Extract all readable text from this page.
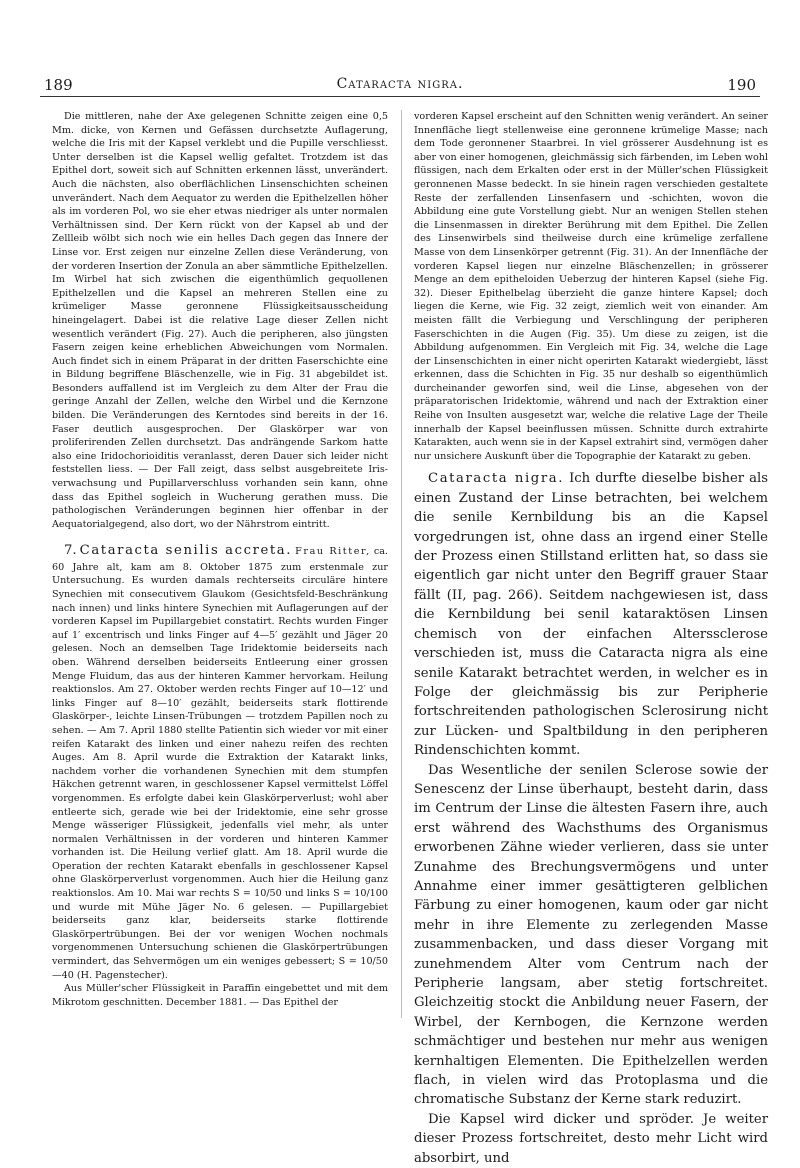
189	Cataracta nigra.	190

Die mittleren, nahe der Axe gelegenen Schnitte zeigen eine 0,5 Mm. dicke, von Kernen und Gefässen durchsetzte Auflagerung, welche die Iris mit der Kapsel verklebt und die Pupille verschliesst. Unter derselben ist die Kapsel wellig gefaltet. Trotzdem ist das Epithel dort, soweit sich auf Schnitten erkennen lässt, unverändert. Auch die nächsten, also oberflächlichen Linsenschichten scheinen unverändert. Nach dem Aequator zu werden die Epithelzellen höher als im vorderen Pol, wo sie eher etwas niedriger als unter normalen Verhältnissen sind. Der Kern rückt von der Kapsel ab und der Zellleib wölbt sich noch wie ein helles Dach gegen das Innere der Linse vor. Erst zeigen nur einzelne Zellen diese Veränderung, von der vorderen Insertion der Zonula an aber sämmtliche Epithelzellen. Im Wirbel hat sich zwischen die eigenthümlich gequollenen Epithelzellen und die Kapsel an mehreren Stellen eine zu krümeliger Masse geronnene Flüssigkeitsausscheidung hineingelagert. Dabei ist die relative Lage dieser Zellen nicht wesentlich verändert (Fig. 27). Auch die peripheren, also jüngsten Fasern zeigen keine erheblichen Abweichungen vom Normalen. Auch findet sich in einem Präparat in der dritten Faserschichte eine in Bildung begriffene Bläschenzelle, wie in Fig. 31 abgebildet ist. Besonders auffallend ist im Vergleich zu dem Alter der Frau die geringe Anzahl der Zellen, welche den Wirbel und die Kernzone bilden. Die Veränderungen des Kerntodes sind bereits in der 16. Faser deutlich ausgesprochen. Der Glaskörper war von proliferirenden Zellen durchsetzt. Das andrängende Sarkom hatte also eine Iridochorioiditis veranlasst, deren Dauer sich leider nicht feststellen liess. — Der Fall zeigt, dass selbst ausgebreitete Iris-verwachsung und Pupillarverschluss vorhanden sein kann, ohne dass das Epithel sogleich in Wucherung gerathen muss. Die pathologischen Veränderungen beginnen hier offenbar in der Aequatorialgegend, also dort, wo der Nährstrom eintritt.

7. Cataracta senilis accreta. Frau Ritter, ca. 60 Jahre alt, kam am 8. Oktober 1875 zum erstenmale zur Untersuchung. Es wurden damals rechterseits circuläre hintere Synechien mit consecutivem Glaukom (Gesichtsfeld-Beschränkung nach innen) und links hintere Synechien mit Auflagerungen auf der vorderen Kapsel im Pupillargebiet constatirt. Rechts wurden Finger auf 1′ excentrisch und links Finger auf 4—5′ gezählt und Jäger 20 gelesen. Noch an demselben Tage Iridektomie beiderseits nach oben. Während derselben beiderseits Entleerung einer grossen Menge Fluidum, das aus der hinteren Kammer hervorkam. Heilung reaktionslos. Am 27. Oktober werden rechts Finger auf 10—12′ und links Finger auf 8—10′ gezählt, beiderseits stark flottirende Glaskörper-, leichte Linsen-Trübungen — trotzdem Papillen noch zu sehen. — Am 7. April 1880 stellte Patientin sich wieder vor mit einer reifen Katarakt des linken und einer nahezu reifen des rechten Auges. Am 8. April wurde die Extraktion der Katarakt links, nachdem vorher die vorhandenen Synechien mit dem stumpfen Häkchen getrennt waren, in geschlossener Kapsel vermittelst Löffel vorgenommen. Es erfolgte dabei kein Glaskörperverlust; wohl aber entleerte sich, gerade wie bei der Iridektomie, eine sehr grosse Menge wässeriger Flüssigkeit, jedenfalls viel mehr, als unter normalen Verhältnissen in der vorderen und hinteren Kammer vorhanden ist. Die Heilung verlief glatt. Am 18. April wurde die Operation der rechten Katarakt ebenfalls in geschlossener Kapsel ohne Glaskörperverlust vorgenommen. Auch hier die Heilung ganz reaktionslos. Am 10. Mai war rechts S = 10/50 und links S = 10/100 und wurde mit Mühe Jäger No. 6 gelesen. — Pupillargebiet beiderseits ganz klar, beiderseits starke flottirende Glaskörpertrübungen. Bei der vor wenigen Wochen nochmals vorgenommenen Untersuchung schienen die Glaskörpertrübungen vermindert, das Sehvermögen um ein weniges gebessert; S = 10/50—40 (H. Pagenstecher).

Aus Müller'scher Flüssigkeit in Paraffin eingebettet und mit dem Mikrotom geschnitten. December 1881. — Das Epithel der

vorderen Kapsel erscheint auf den Schnitten wenig verändert. An seiner Innenfläche liegt stellenweise eine geronnene krümelige Masse; nach dem Tode geronnener Staarbrei. In viel grösserer Ausdehnung ist es aber von einer homogenen, gleichmässig sich färbenden, im Leben wohl flüssigen, nach dem Erkalten oder erst in der Müller'schen Flüssigkeit geronnenen Masse bedeckt. In sie hinein ragen verschieden gestaltete Reste der zerfallenden Linsenfasern und -schichten, wovon die Abbildung eine gute Vorstellung giebt. Nur an wenigen Stellen stehen die Linsenmassen in direkter Berührung mit dem Epithel. Die Zellen des Linsenwirbels sind theilweise durch eine krümelige zerfallene Masse von dem Linsenkörper getrennt (Fig. 31). An der Innenfläche der vorderen Kapsel liegen nur einzelne Bläschenzellen; in grösserer Menge an dem epitheloiden Ueberzug der hinteren Kapsel (siehe Fig. 32). Dieser Epithelbelag überzieht die ganze hintere Kapsel; doch liegen die Kerne, wie Fig. 32 zeigt, ziemlich weit von einander. Am meisten fällt die Verbiegung und Verschlingung der peripheren Faserschichten in die Augen (Fig. 35). Um diese zu zeigen, ist die Abbildung aufgenommen. Ein Vergleich mit Fig. 34, welche die Lage der Linsenschichten in einer nicht operirten Katarakt wiedergiebt, lässt erkennen, dass die Schichten in Fig. 35 nur deshalb so eigenthümlich durcheinander geworfen sind, weil die Linse, abgesehen von der präparatorischen Iridektomie, während und nach der Extraktion einer Reihe von Insulten ausgesetzt war, welche die relative Lage der Theile innerhalb der Kapsel beeinflussen müssen. Schnitte durch extrahirte Katarakten, auch wenn sie in der Kapsel extrahirt sind, vermögen daher nur unsichere Auskunft über die Topographie der Katarakt zu geben.

Cataracta nigra. Ich durfte dieselbe bisher als einen Zustand der Linse betrachten, bei welchem die senile Kernbildung bis an die Kapsel vorgedrungen ist, ohne dass an irgend einer Stelle der Prozess einen Stillstand erlitten hat, so dass sie eigentlich gar nicht unter den Begriff grauer Staar fällt (II, pag. 266). Seitdem nachgewiesen ist, dass die Kernbildung bei senil kataraktösen Linsen chemisch von der einfachen Alterssclerose verschieden ist, muss die Cataracta nigra als eine senile Katarakt betrachtet werden, in welcher es in Folge der gleichmässig bis zur Peripherie fortschreitenden pathologischen Sclerosirung nicht zur Lücken- und Spaltbildung in den peripheren Rindenschichten kommt.

Das Wesentliche der senilen Sclerose sowie der Senescenz der Linse überhaupt, besteht darin, dass im Centrum der Linse die ältesten Fasern ihre, auch erst während des Wachsthums des Organismus erworbenen Zähne wieder verlieren, dass sie unter Zunahme des Brechungsvermögens und unter Annahme einer immer gesättigteren gelblichen Färbung zu einer homogenen, kaum oder gar nicht mehr in ihre Elemente zu zerlegenden Masse zusammenbacken, und dass dieser Vorgang mit zunehmendem Alter vom Centrum nach der Peripherie langsam, aber stetig fortschreitet. Gleichzeitig stockt die Anbildung neuer Fasern, der Wirbel, der Kernbogen, die Kernzone werden schmächtiger und bestehen nur mehr aus wenigen kernhaltigen Elementen. Die Epithelzellen werden flach, in vielen wird das Protoplasma und die chromatische Substanz der Kerne stark reduzirt.

Die Kapsel wird dicker und spröder. Je weiter dieser Prozess fortschreitet, desto mehr Licht wird absorbirt, und
